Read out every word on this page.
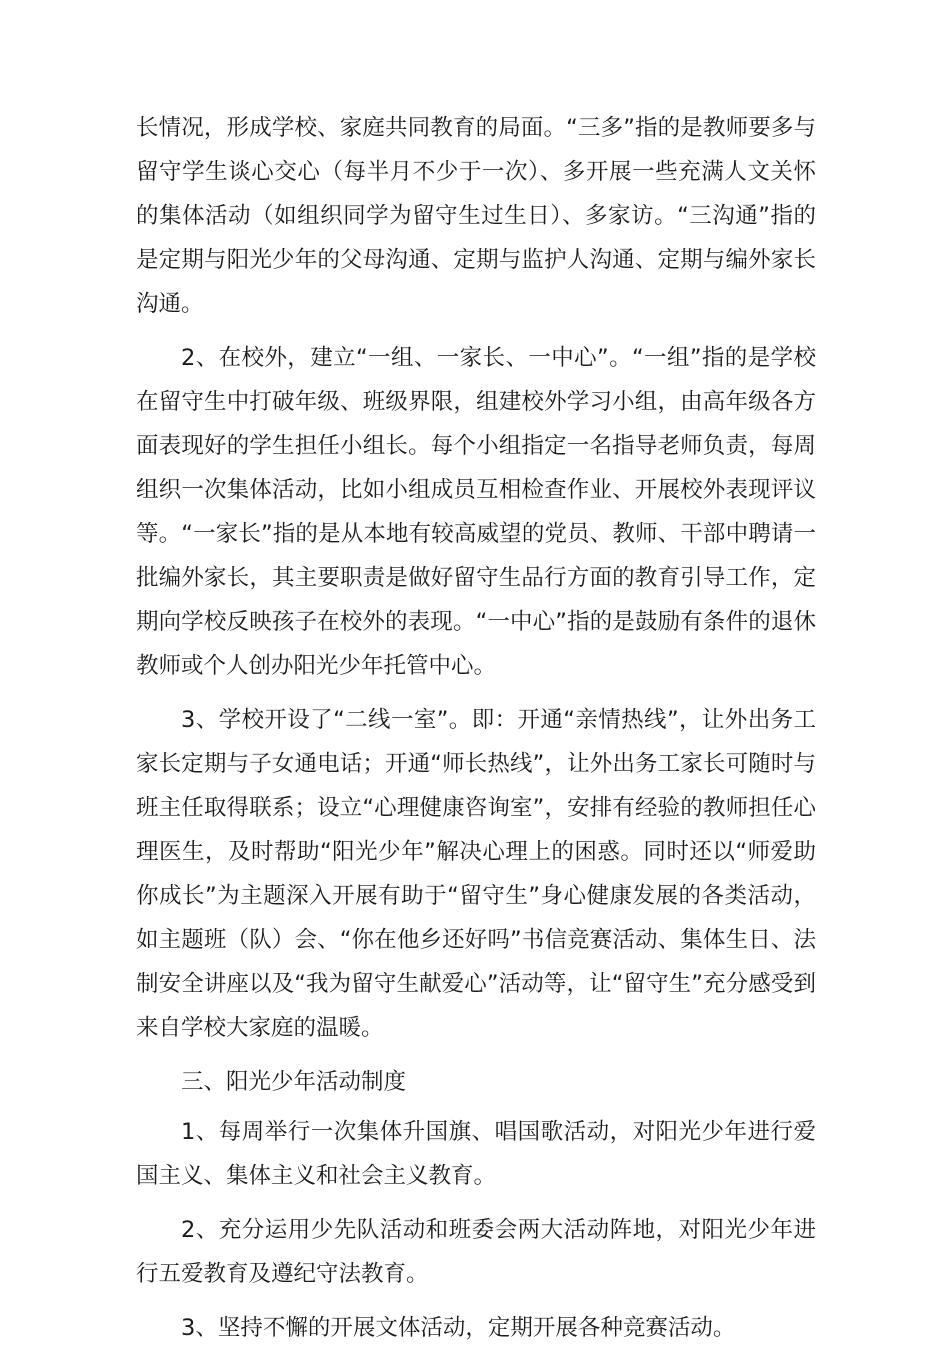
长情况，形成学校、家庭共同教育的局面。“三多”指的是教师要多与留守学生谈心交心（每半月不少于一次）、多开展一些充满人文关怀的集体活动（如组织同学为留守生过生日）、多家访。“三沟通”指的是定期与阳光少年的父母沟通、定期与监护人沟通、定期与编外家长沟通。

2、在校外，建立“一组、一家长、一中心”。“一组”指的是学校在留守生中打破年级、班级界限，组建校外学习小组，由高年级各方面表现好的学生担任小组长。每个小组指定一名指导老师负责，每周组织一次集体活动，比如小组成员互相检查作业、开展校外表现评议等。“一家长”指的是从本地有较高威望的党员、教师、干部中聘请一批编外家长，其主要职责是做好留守生品行方面的教育引导工作，定期向学校反映孩子在校外的表现。“一中心”指的是鼓励有条件的退休教师或个人创办阳光少年托管中心。

3、学校开设了“二线一室”。即：开通“亲情热线”，让外出务工家长定期与子女通电话；开通“师长热线”，让外出务工家长可随时与班主任取得联系；设立“心理健康咨询室”，安排有经验的教师担任心理医生，及时帮助“阳光少年”解决心理上的困惑。同时还以“师爱助你成长”为主题深入开展有助于“留守生”身心健康发展的各类活动，如主题班（队）会、“你在他乡还好吗”书信竞赛活动、集体生日、法制安全讲座以及“我为留守生献爱心”活动等，让“留守生”充分感受到来自学校大家庭的温暖。

三、阳光少年活动制度

1、每周举行一次集体升国旗、唱国歌活动，对阳光少年进行爱国主义、集体主义和社会主义教育。

2、充分运用少先队活动和班委会两大活动阵地，对阳光少年进行五爱教育及遵纪守法教育。

3、坚持不懈的开展文体活动，定期开展各种竞赛活动。
